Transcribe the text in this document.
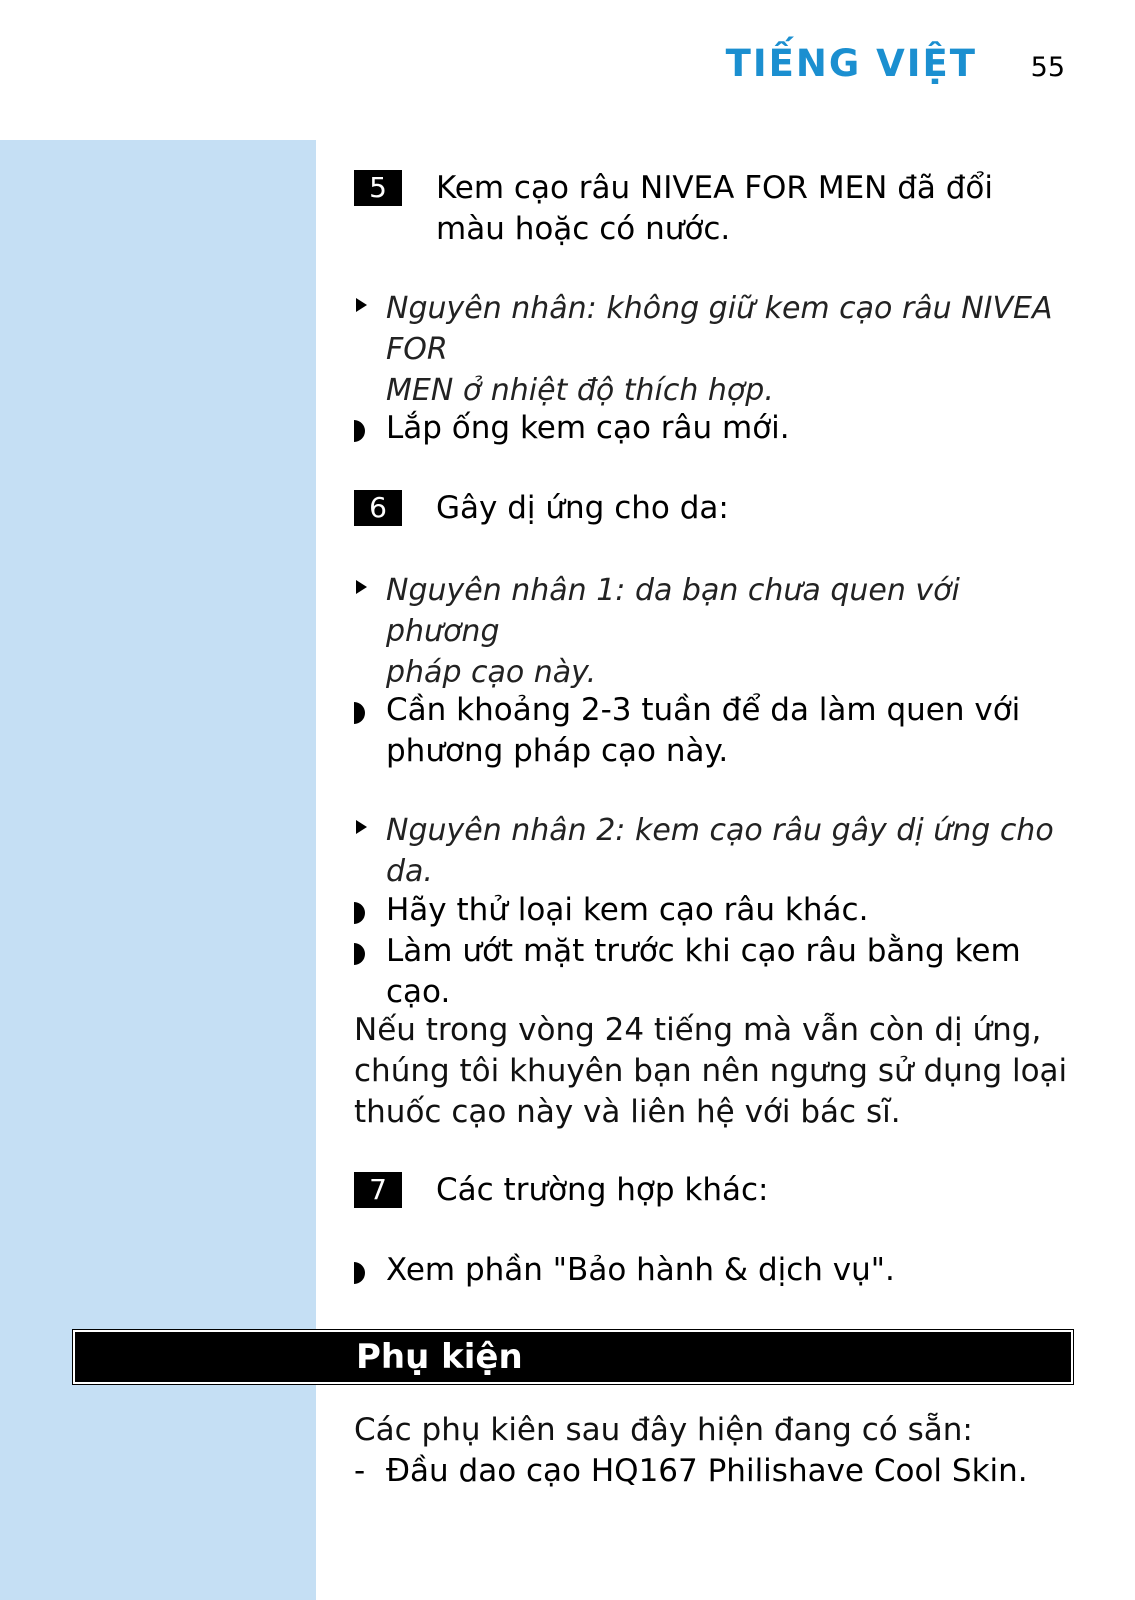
TIẾNG VIỆT 55
5	Kem cạo râu NIVEA FOR MEN đã đổi
màu hoặc có nước.
Nguyên nhân: không giữ kem cạo râu NIVEA FOR
MEN ở nhiệt độ thích hợp.
Lắp ống kem cạo râu mới.
6	Gây dị ứng cho da:
Nguyên nhân 1: da bạn chưa quen với phương
pháp cạo này.
Cần khoảng 2-3 tuần để da làm quen với
phương pháp cạo này.
Nguyên nhân 2: kem cạo râu gây dị ứng cho da.
Hãy thử loại kem cạo râu khác.
Làm ướt mặt trước khi cạo râu bằng kem cạo.
Nếu trong vòng 24 tiếng mà vẫn còn dị ứng,
chúng tôi khuyên bạn nên ngưng sử dụng loại
thuốc cạo này và liên hệ với bác sĩ.
7	Các trường hợp khác:
Xem phần "Bảo hành & dịch vụ".
Phụ kiện
Các phụ kiên sau đây hiện đang có sẵn:
- Đầu dao cạo HQ167 Philishave Cool Skin.
